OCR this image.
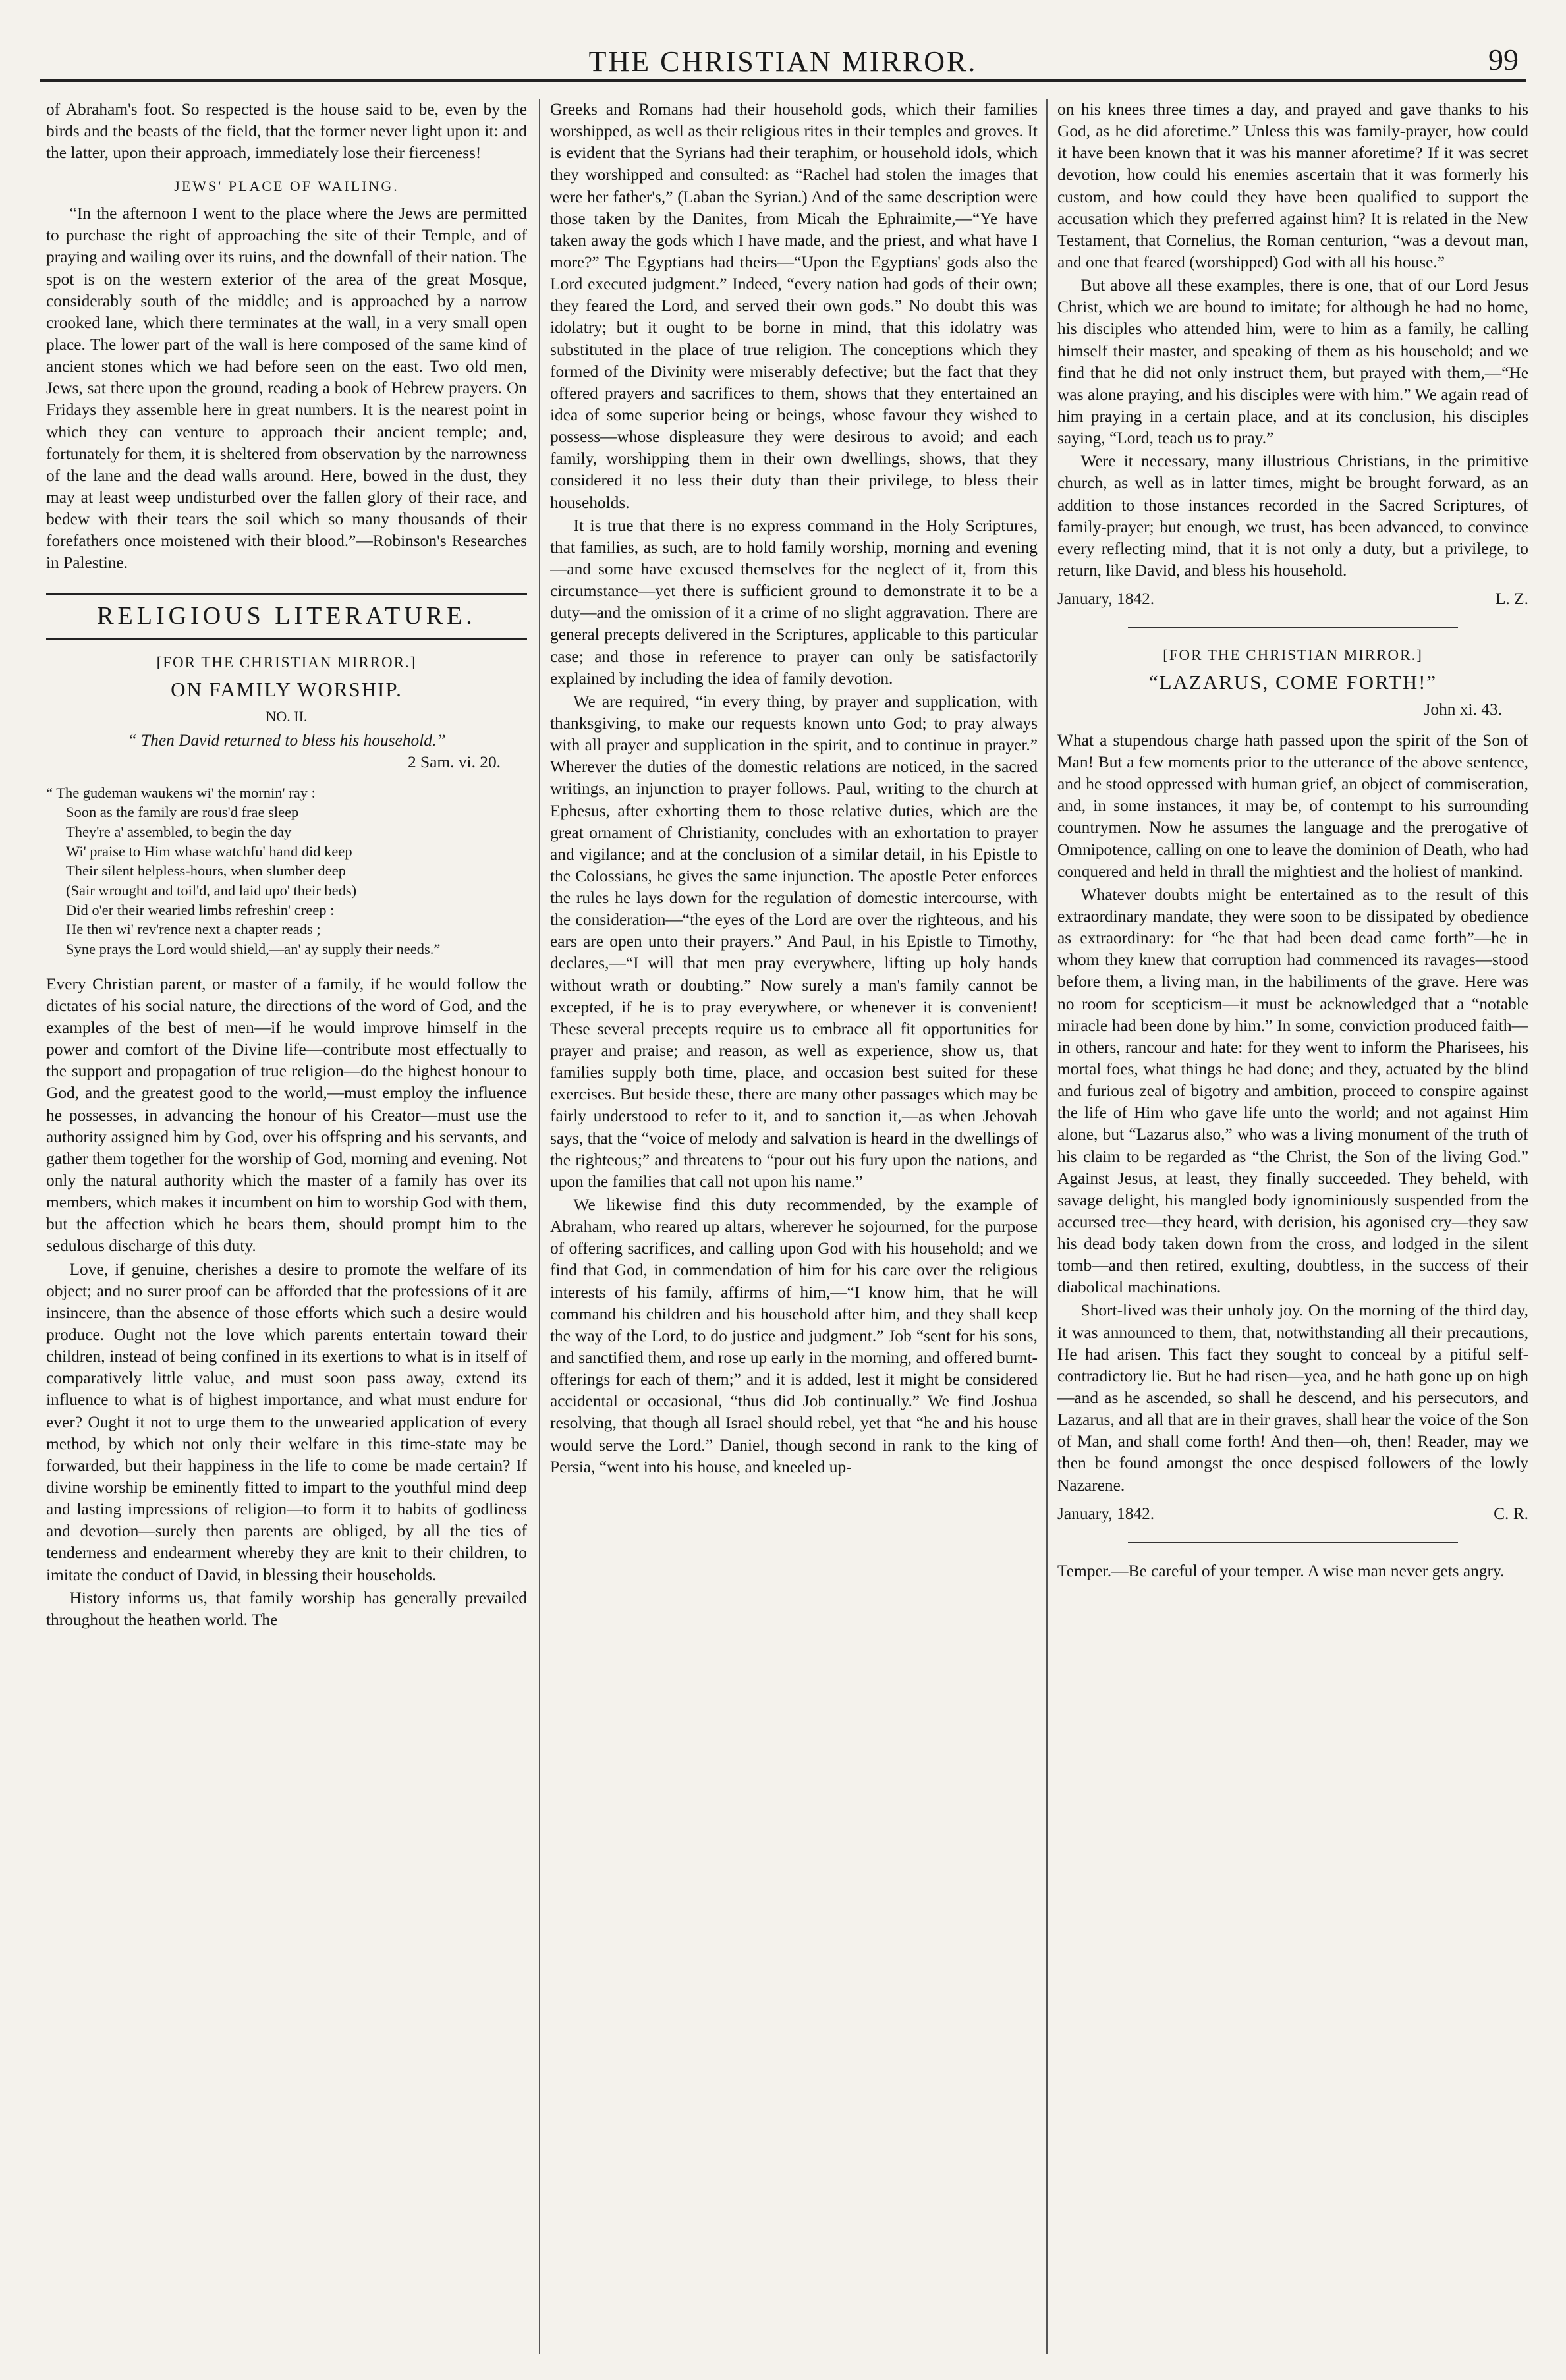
THE CHRISTIAN MIRROR.	99

of Abraham's foot. So respected is the house said to be, even by the birds and the beasts of the field, that the former never light upon it: and the latter, upon their approach, immediately lose their fierceness!

JEWS' PLACE OF WAILING.

“In the afternoon I went to the place where the Jews are permitted to purchase the right of approaching the site of their Temple, and of praying and wailing over its ruins, and the downfall of their nation. The spot is on the western exterior of the area of the great Mosque, considerably south of the middle; and is approached by a narrow crooked lane, which there terminates at the wall, in a very small open place. The lower part of the wall is here composed of the same kind of ancient stones which we had before seen on the east. Two old men, Jews, sat there upon the ground, reading a book of Hebrew prayers. On Fridays they assemble here in great numbers. It is the nearest point in which they can venture to approach their ancient temple; and, fortunately for them, it is sheltered from observation by the narrowness of the lane and the dead walls around. Here, bowed in the dust, they may at least weep undisturbed over the fallen glory of their race, and bedew with their tears the soil which so many thousands of their forefathers once moistened with their blood.”—Robinson's Researches in Palestine.

RELIGIOUS LITERATURE.
[FOR THE CHRISTIAN MIRROR.]
ON FAMILY WORSHIP.
NO. II.
“ Then David returned to bless his household.”
2 Sam. vi. 20.
“ The gudeman waukens wi' the mornin' ray :
Soon as the family are rous'd frae sleep
They're a' assembled, to begin the day
Wi' praise to Him whase watchfu' hand did keep
Their silent helpless-hours, when slumber deep
(Sair wrought and toil'd, and laid upo' their beds)
Did o'er their wearied limbs refreshin' creep :
He then wi' rev'rence next a chapter reads ;
Syne prays the Lord would shield,—an' ay supply their needs.”

Every Christian parent, or master of a family, if he would follow the dictates of his social nature, the directions of the word of God, and the examples of the best of men—if he would improve himself in the power and comfort of the Divine life—contribute most effectually to the support and propagation of true religion—do the highest honour to God, and the greatest good to the world,—must employ the influence he possesses, in advancing the honour of his Creator—must use the authority assigned him by God, over his offspring and his servants, and gather them together for the worship of God, morning and evening. Not only the natural authority which the master of a family has over its members, which makes it incumbent on him to worship God with them, but the affection which he bears them, should prompt him to the sedulous discharge of this duty.

Love, if genuine, cherishes a desire to promote the welfare of its object; and no surer proof can be afforded that the professions of it are insincere, than the absence of those efforts which such a desire would produce. Ought not the love which parents entertain toward their children, instead of being confined in its exertions to what is in itself of comparatively little value, and must soon pass away, extend its influence to what is of highest importance, and what must endure for ever? Ought it not to urge them to the unwearied application of every method, by which not only their welfare in this time-state may be forwarded, but their happiness in the life to come be made certain? If divine worship be eminently fitted to impart to the youthful mind deep and lasting impressions of religion—to form it to habits of godliness and devotion—surely then parents are obliged, by all the ties of tenderness and endearment whereby they are knit to their children, to imitate the conduct of David, in blessing their households.

History informs us, that family worship has generally prevailed throughout the heathen world. The

Greeks and Romans had their household gods, which their families worshipped, as well as their religious rites in their temples and groves. It is evident that the Syrians had their teraphim, or household idols, which they worshipped and consulted: as “Rachel had stolen the images that were her father's,” (Laban the Syrian.) And of the same description were those taken by the Danites, from Micah the Ephraimite,—“Ye have taken away the gods which I have made, and the priest, and what have I more?” The Egyptians had theirs—“Upon the Egyptians' gods also the Lord executed judgment.” Indeed, “every nation had gods of their own; they feared the Lord, and served their own gods.” No doubt this was idolatry; but it ought to be borne in mind, that this idolatry was substituted in the place of true religion. The conceptions which they formed of the Divinity were miserably defective; but the fact that they offered prayers and sacrifices to them, shows that they entertained an idea of some superior being or beings, whose favour they wished to possess—whose displeasure they were desirous to avoid; and each family, worshipping them in their own dwellings, shows, that they considered it no less their duty than their privilege, to bless their households.

It is true that there is no express command in the Holy Scriptures, that families, as such, are to hold family worship, morning and evening—and some have excused themselves for the neglect of it, from this circumstance—yet there is sufficient ground to demonstrate it to be a duty—and the omission of it a crime of no slight aggravation. There are general precepts delivered in the Scriptures, applicable to this particular case; and those in reference to prayer can only be satisfactorily explained by including the idea of family devotion.

We are required, “in every thing, by prayer and supplication, with thanksgiving, to make our requests known unto God; to pray always with all prayer and supplication in the spirit, and to continue in prayer.” Wherever the duties of the domestic relations are noticed, in the sacred writings, an injunction to prayer follows. Paul, writing to the church at Ephesus, after exhorting them to those relative duties, which are the great ornament of Christianity, concludes with an exhortation to prayer and vigilance; and at the conclusion of a similar detail, in his Epistle to the Colossians, he gives the same injunction. The apostle Peter enforces the rules he lays down for the regulation of domestic intercourse, with the consideration—“the eyes of the Lord are over the righteous, and his ears are open unto their prayers.” And Paul, in his Epistle to Timothy, declares,—“I will that men pray everywhere, lifting up holy hands without wrath or doubting.” Now surely a man's family cannot be excepted, if he is to pray everywhere, or whenever it is convenient! These several precepts require us to embrace all fit opportunities for prayer and praise; and reason, as well as experience, show us, that families supply both time, place, and occasion best suited for these exercises. But beside these, there are many other passages which may be fairly understood to refer to it, and to sanction it,—as when Jehovah says, that the “voice of melody and salvation is heard in the dwellings of the righteous;” and threatens to “pour out his fury upon the nations, and upon the families that call not upon his name.”

We likewise find this duty recommended, by the example of Abraham, who reared up altars, wherever he sojourned, for the purpose of offering sacrifices, and calling upon God with his household; and we find that God, in commendation of him for his care over the religious interests of his family, affirms of him,—“I know him, that he will command his children and his household after him, and they shall keep the way of the Lord, to do justice and judgment.” Job “sent for his sons, and sanctified them, and rose up early in the morning, and offered burnt-offerings for each of them;” and it is added, lest it might be considered accidental or occasional, “thus did Job continually.” We find Joshua resolving, that though all Israel should rebel, yet that “he and his house would serve the Lord.” Daniel, though second in rank to the king of Persia, “went into his house, and kneeled up-

on his knees three times a day, and prayed and gave thanks to his God, as he did aforetime.” Unless this was family-prayer, how could it have been known that it was his manner aforetime? If it was secret devotion, how could his enemies ascertain that it was formerly his custom, and how could they have been qualified to support the accusation which they preferred against him? It is related in the New Testament, that Cornelius, the Roman centurion, “was a devout man, and one that feared (worshipped) God with all his house.”

But above all these examples, there is one, that of our Lord Jesus Christ, which we are bound to imitate; for although he had no home, his disciples who attended him, were to him as a family, he calling himself their master, and speaking of them as his household; and we find that he did not only instruct them, but prayed with them,—“He was alone praying, and his disciples were with him.” We again read of him praying in a certain place, and at its conclusion, his disciples saying, “Lord, teach us to pray.”

Were it necessary, many illustrious Christians, in the primitive church, as well as in latter times, might be brought forward, as an addition to those instances recorded in the Sacred Scriptures, of family-prayer; but enough, we trust, has been advanced, to convince every reflecting mind, that it is not only a duty, but a privilege, to return, like David, and bless his household.

January, 1842.	L. Z.
[FOR THE CHRISTIAN MIRROR.]
“LAZARUS, COME FORTH!”
John xi. 43.

What a stupendous charge hath passed upon the spirit of the Son of Man! But a few moments prior to the utterance of the above sentence, and he stood oppressed with human grief, an object of commiseration, and, in some instances, it may be, of contempt to his surrounding countrymen. Now he assumes the language and the prerogative of Omnipotence, calling on one to leave the dominion of Death, who had conquered and held in thrall the mightiest and the holiest of mankind.

Whatever doubts might be entertained as to the result of this extraordinary mandate, they were soon to be dissipated by obedience as extraordinary: for “he that had been dead came forth”—he in whom they knew that corruption had commenced its ravages—stood before them, a living man, in the habiliments of the grave. Here was no room for scepticism—it must be acknowledged that a “notable miracle had been done by him.” In some, conviction produced faith—in others, rancour and hate: for they went to inform the Pharisees, his mortal foes, what things he had done; and they, actuated by the blind and furious zeal of bigotry and ambition, proceed to conspire against the life of Him who gave life unto the world; and not against Him alone, but “Lazarus also,” who was a living monument of the truth of his claim to be regarded as “the Christ, the Son of the living God.” Against Jesus, at least, they finally succeeded. They beheld, with savage delight, his mangled body ignominiously suspended from the accursed tree—they heard, with derision, his agonised cry—they saw his dead body taken down from the cross, and lodged in the silent tomb—and then retired, exulting, doubtless, in the success of their diabolical machinations.

Short-lived was their unholy joy. On the morning of the third day, it was announced to them, that, notwithstanding all their precautions, He had arisen. This fact they sought to conceal by a pitiful self-contradictory lie. But he had risen—yea, and he hath gone up on high—and as he ascended, so shall he descend, and his persecutors, and Lazarus, and all that are in their graves, shall hear the voice of the Son of Man, and shall come forth! And then—oh, then! Reader, may we then be found amongst the once despised followers of the lowly Nazarene.

January, 1842.	C. R.

Temper.—Be careful of your temper. A wise man never gets angry.
